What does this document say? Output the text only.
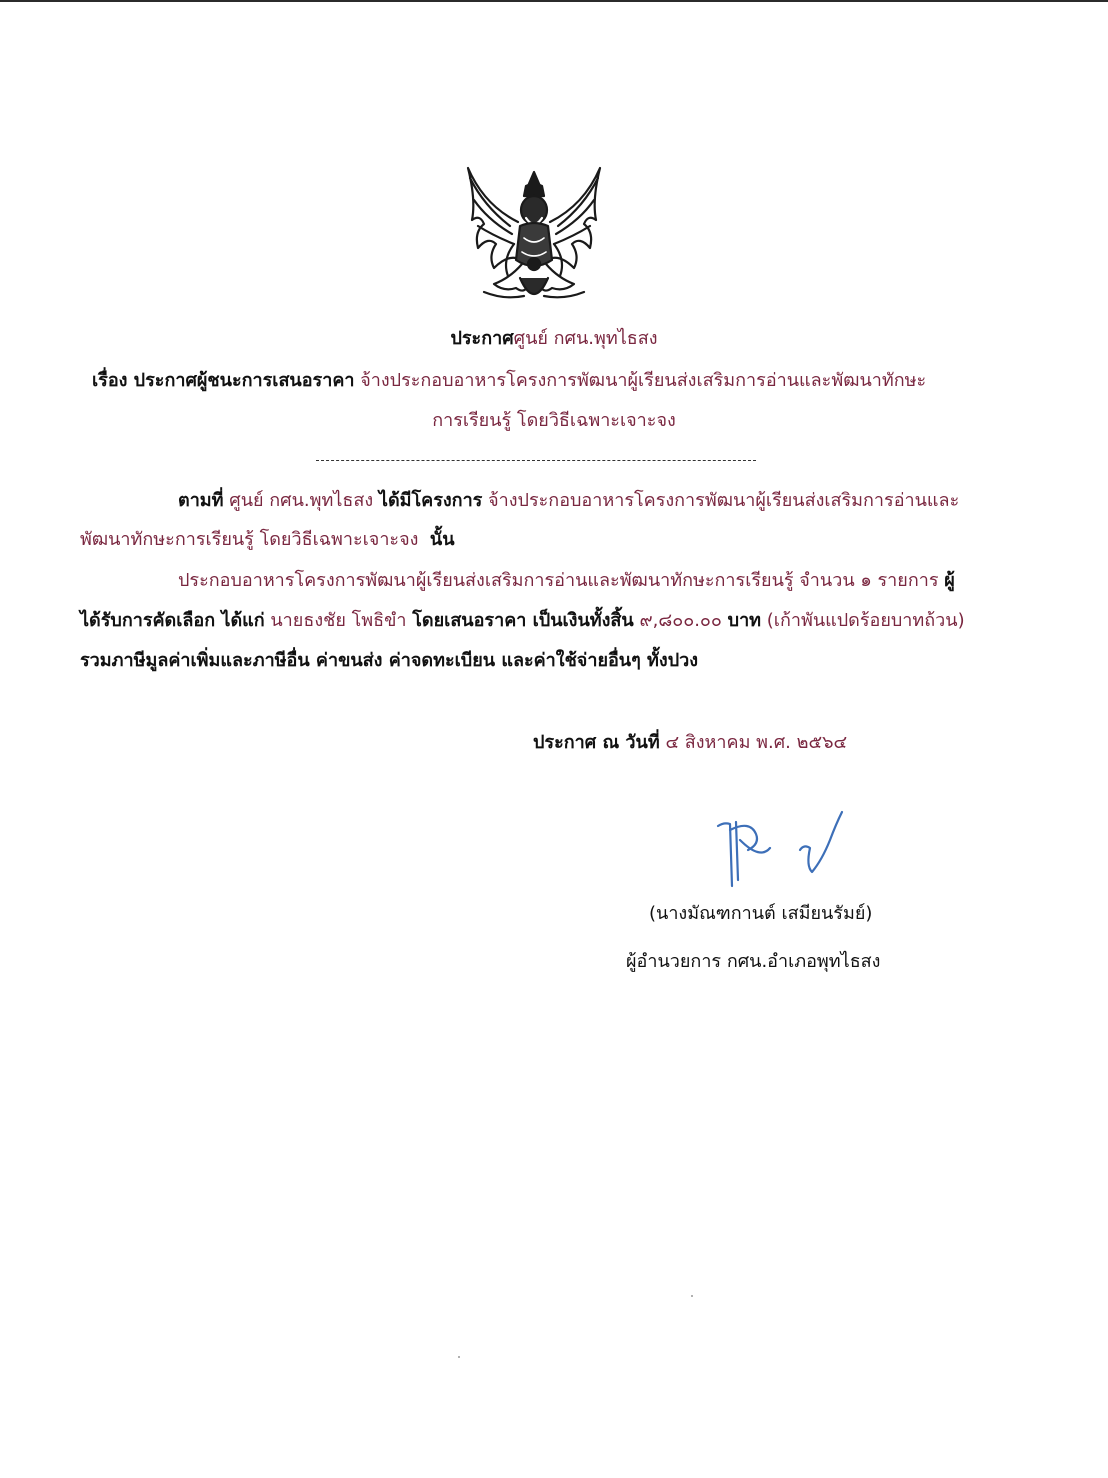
ประกาศศูนย์ กศน.พุทไธสง
เรื่อง ประกาศผู้ชนะการเสนอราคา จ้างประกอบอาหารโครงการพัฒนาผู้เรียนส่งเสริมการอ่านและพัฒนาทักษะ
การเรียนรู้ โดยวิธีเฉพาะเจาะจง
ตามที่ ศูนย์ กศน.พุทไธสง ได้มีโครงการ จ้างประกอบอาหารโครงการพัฒนาผู้เรียนส่งเสริมการอ่านและ
พัฒนาทักษะการเรียนรู้ โดยวิธีเฉพาะเจาะจง นั้น
ประกอบอาหารโครงการพัฒนาผู้เรียนส่งเสริมการอ่านและพัฒนาทักษะการเรียนรู้ จำนวน ๑ รายการ ผู้
ได้รับการคัดเลือก ได้แก่ นายธงชัย โพธิขำ โดยเสนอราคา เป็นเงินทั้งสิ้น ๙,๘๐๐.๐๐ บาท (เก้าพันแปดร้อยบาทถ้วน)
รวมภาษีมูลค่าเพิ่มและภาษีอื่น ค่าขนส่ง ค่าจดทะเบียน และค่าใช้จ่ายอื่นๆ ทั้งปวง
ประกาศ ณ วันที่ ๔ สิงหาคม พ.ศ. ๒๕๖๔
(นางมัณฑกานต์ เสมียนรัมย์)
ผู้อำนวยการ กศน.อำเภอพุทไธสง
